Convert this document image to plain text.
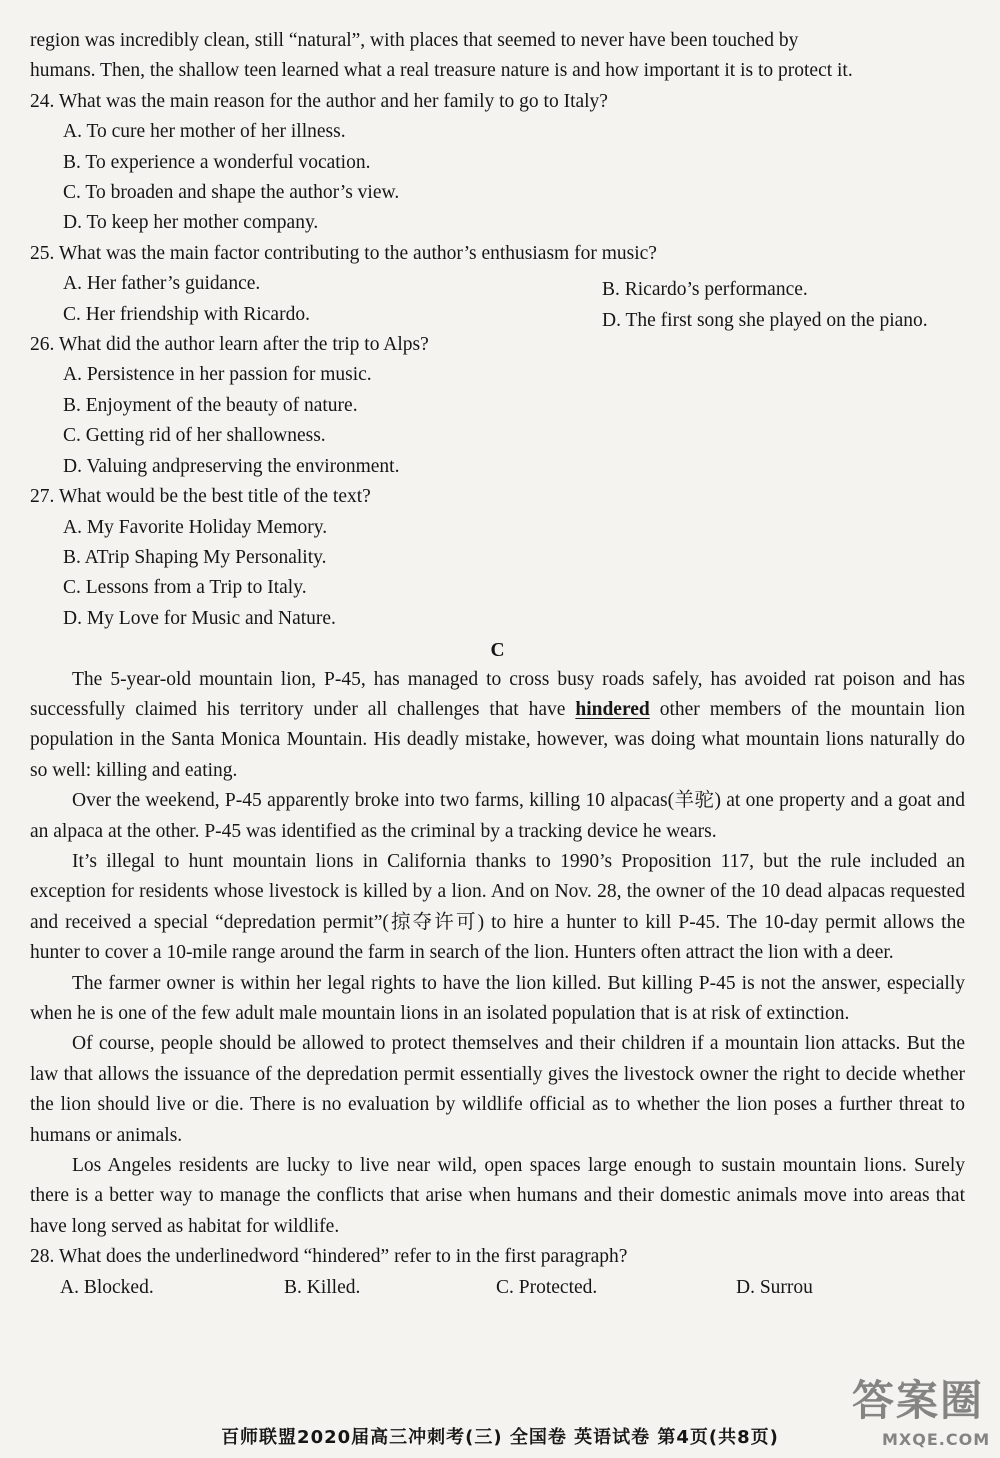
region was incredibly clean, still “natural”, with places that seemed to never have been touched by

humans. Then, the shallow teen learned what a real treasure nature is and how important it is to protect it.

24. What was the main reason for the author and her family to go to Italy?

A. To cure her mother of her illness.

B. To experience a wonderful vocation.

C. To broaden and shape the author’s view.

D. To keep her mother company.

25. What was the main factor contributing to the author’s enthusiasm for music?

A. Her father’s guidance.	B. Ricardo’s performance.
C. Her friendship with Ricardo.	D. The first song she played on the piano.

26. What did the author learn after the trip to Alps?

A. Persistence in her passion for music.

B. Enjoyment of the beauty of nature.

C. Getting rid of her shallowness.

D. Valuing andpreserving the environment.

27. What would be the best title of the text?

A. My Favorite Holiday Memory.

B. ATrip Shaping My Personality.

C. Lessons from a Trip to Italy.

D. My Love for Music and Nature.

C

The 5-year-old mountain lion, P-45, has managed to cross busy roads safely, has avoided rat poison and has successfully claimed his territory under all challenges that have hindered other members of the mountain lion population in the Santa Monica Mountain. His deadly mistake, however, was doing what mountain lions naturally do so well: killing and eating.

Over the weekend, P-45 apparently broke into two farms, killing 10 alpacas(羊驼) at one property and a goat and an alpaca at the other. P-45 was identified as the criminal by a tracking device he wears.

It’s illegal to hunt mountain lions in California thanks to 1990’s Proposition 117, but the rule included an exception for residents whose livestock is killed by a lion. And on Nov. 28, the owner of the 10 dead alpacas requested and received a special “depredation permit”(掠夺许可) to hire a hunter to kill P-45. The 10-day permit allows the hunter to cover a 10-mile range around the farm in search of the lion. Hunters often attract the lion with a deer.

The farmer owner is within her legal rights to have the lion killed. But killing P-45 is not the answer, especially when he is one of the few adult male mountain lions in an isolated population that is at risk of extinction.

Of course, people should be allowed to protect themselves and their children if a mountain lion attacks. But the law that allows the issuance of the depredation permit essentially gives the livestock owner the right to decide whether the lion should live or die. There is no evaluation by wildlife official as to whether the lion poses a further threat to humans or animals.

Los Angeles residents are lucky to live near wild, open spaces large enough to sustain mountain lions. Surely there is a better way to manage the conflicts that arise when humans and their domestic animals move into areas that have long served as habitat for wildlife.

28. What does the underlinedword “hindered” refer to in the first paragraph?

A. Blocked.	B. Killed.	C. Protected.	D. Surrou
百师联盟2020届高三冲刺考(三) 全国卷 英语试卷 第4页(共8页)
答案圈
MXQE.COM
